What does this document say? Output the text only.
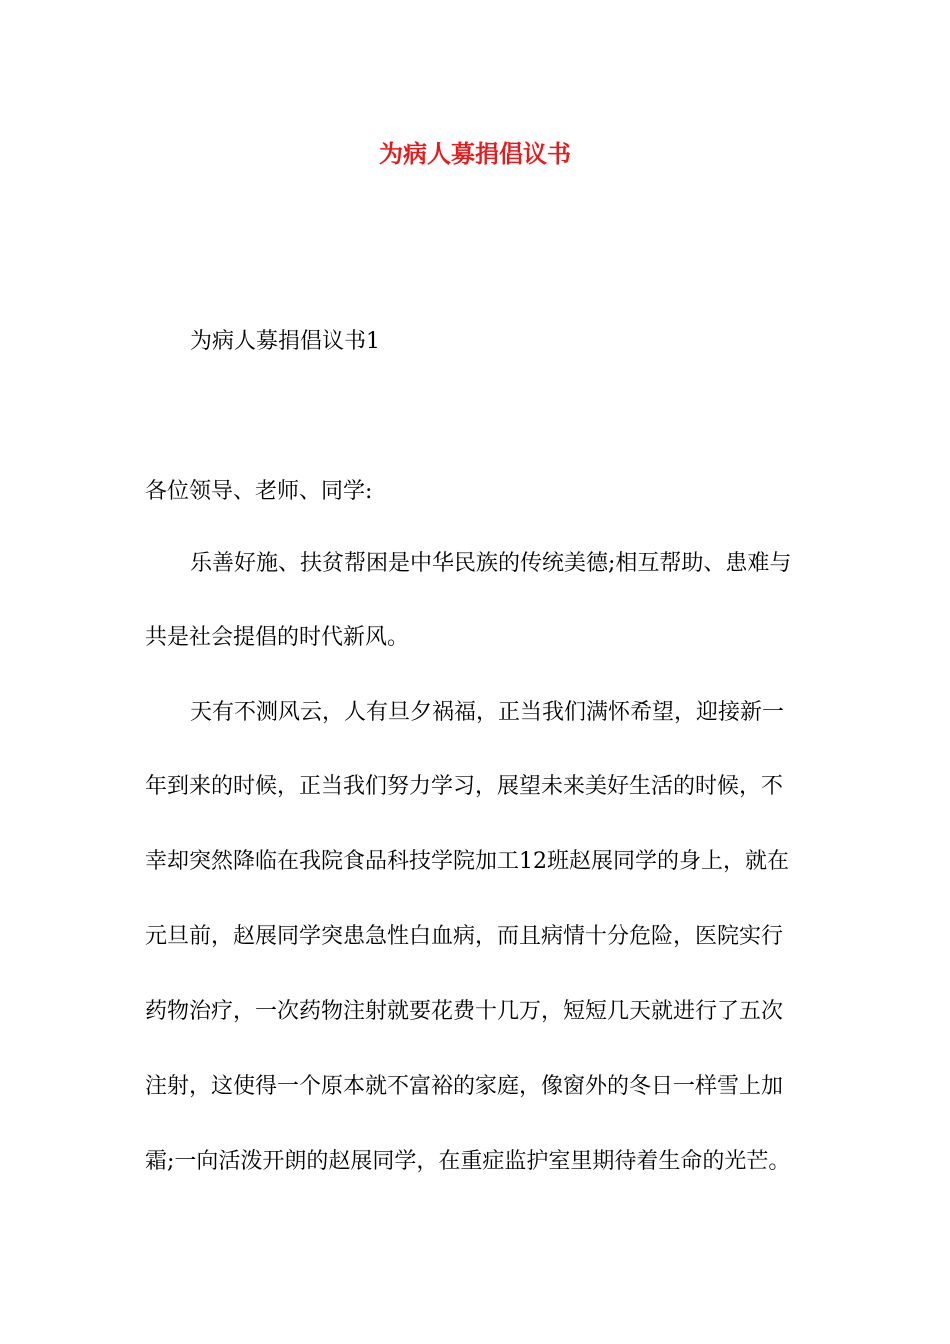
为病人募捐倡议书
为病人募捐倡议书1
各位领导、老师、同学:
乐善好施、扶贫帮困是中华民族的传统美德;相互帮助、患难与
共是社会提倡的时代新风。
天有不测风云，人有旦夕祸福，正当我们满怀希望，迎接新一
年到来的时候，正当我们努力学习，展望未来美好生活的时候，不
幸却突然降临在我院食品科技学院加工12班赵展同学的身上，就在
元旦前，赵展同学突患急性白血病，而且病情十分危险，医院实行
药物治疗，一次药物注射就要花费十几万，短短几天就进行了五次
注射，这使得一个原本就不富裕的家庭，像窗外的冬日一样雪上加
霜;一向活泼开朗的赵展同学，在重症监护室里期待着生命的光芒。
